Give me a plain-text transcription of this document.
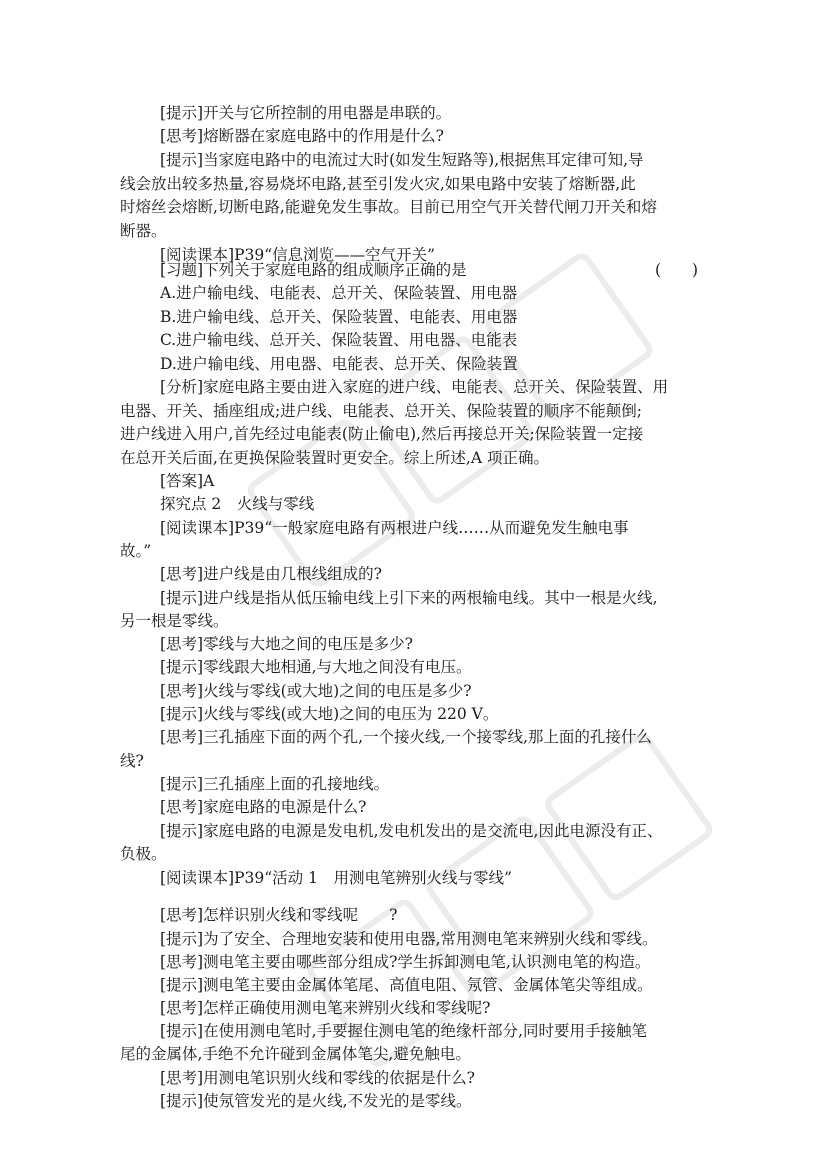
[提示]开关与它所控制的用电器是串联的。
[思考]熔断器在家庭电路中的作用是什么?
[提示]当家庭电路中的电流过大时(如发生短路等),根据焦耳定律可知,导
线会放出较多热量,容易烧坏电路,甚至引发火灾,如果电路中安装了熔断器,此
时熔丝会熔断,切断电路,能避免发生事故。目前已用空气开关替代闸刀开关和熔
断器。
[阅读课本]P39“信息浏览——空气开关”
[习题]下列关于家庭电路的组成顺序正确的是
A.进户输电线、电能表、总开关、保险装置、用电器
B.进户输电线、总开关、保险装置、电能表、用电器
C.进户输电线、总开关、保险装置、用电器、电能表
D.进户输电线、用电器、电能表、总开关、保险装置
[分析]家庭电路主要由进入家庭的进户线、电能表、总开关、保险装置、用
电器、开关、插座组成;进户线、电能表、总开关、保险装置的顺序不能颠倒;
进户线进入用户,首先经过电能表(防止偷电),然后再接总开关;保险装置一定接
在总开关后面,在更换保险装置时更安全。综上所述,A 项正确。
[答案]A
探究点 2　火线与零线
[阅读课本]P39“一般家庭电路有两根进户线……从而避免发生触电事
故。”
[思考]进户线是由几根线组成的?
[提示]进户线是指从低压输电线上引下来的两根输电线。其中一根是火线,
另一根是零线。
[思考]零线与大地之间的电压是多少?
[提示]零线跟大地相通,与大地之间没有电压。
[思考]火线与零线(或大地)之间的电压是多少?
[提示]火线与零线(或大地)之间的电压为 220 V。
[思考]三孔插座下面的两个孔,一个接火线,一个接零线,那上面的孔接什么
线?
[提示]三孔插座上面的孔接地线。
[思考]家庭电路的电源是什么?
[提示]家庭电路的电源是发电机,发电机发出的是交流电,因此电源没有正、
负极。
[阅读课本]P39“活动 1　用测电笔辨别火线与零线”
[思考]怎样识别火线和零线呢　　?
[提示]为了安全、合理地安装和使用电器,常用测电笔来辨别火线和零线。
[思考]测电笔主要由哪些部分组成?学生拆卸测电笔,认识测电笔的构造。
[提示]测电笔主要由金属体笔尾、高值电阻、氖管、金属体笔尖等组成。
[思考]怎样正确使用测电笔来辨别火线和零线呢?
[提示]在使用测电笔时,手要握住测电笔的绝缘杆部分,同时要用手接触笔
尾的金属体,手绝不允许碰到金属体笔尖,避免触电。
[思考]用测电笔识别火线和零线的依据是什么?
[提示]使氖管发光的是火线,不发光的是零线。
(　　)
